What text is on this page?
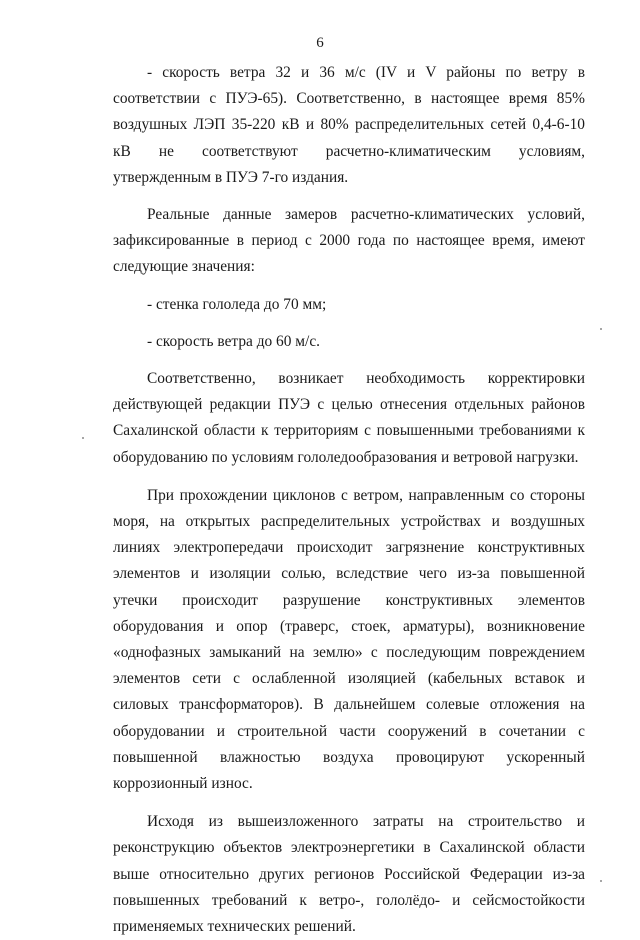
6

- скорость ветра 32 и 36 м/с (IV и V районы по ветру в соответствии с ПУЭ-65). Соответственно, в настоящее время 85% воздушных ЛЭП 35-220 кВ и 80% распределительных сетей 0,4-6-10 кВ не соответствуют расчетно-климатическим условиям, утвержденным в ПУЭ 7-го издания.

Реальные данные замеров расчетно-климатических условий, зафиксированные в период с 2000 года по настоящее время, имеют следующие значения:

- стенка гололеда до 70 мм;

- скорость ветра до 60 м/с.

Соответственно, возникает необходимость корректировки действующей редакции ПУЭ с целью отнесения отдельных районов Сахалинской области к территориям с повышенными требованиями к оборудованию по условиям гололедообразования и ветровой нагрузки.

При прохождении циклонов с ветром, направленным со стороны моря, на открытых распределительных устройствах и воздушных линиях электропередачи происходит загрязнение конструктивных элементов и изоляции солью, вследствие чего из-за повышенной утечки происходит разрушение конструктивных элементов оборудования и опор (траверс, стоек, арматуры), возникновение «однофазных замыканий на землю» с последующим повреждением элементов сети с ослабленной изоляцией (кабельных вставок и силовых трансформаторов). В дальнейшем солевые отложения на оборудовании и строительной части сооружений в сочетании с повышенной влажностью воздуха провоцируют ускоренный коррозионный износ.

Исходя из вышеизложенного затраты на строительство и реконструкцию объектов электроэнергетики в Сахалинской области выше относительно других регионов Российской Федерации из-за повышенных требований к ветро-, гололёдо- и сейсмостойкости применяемых технических решений.
